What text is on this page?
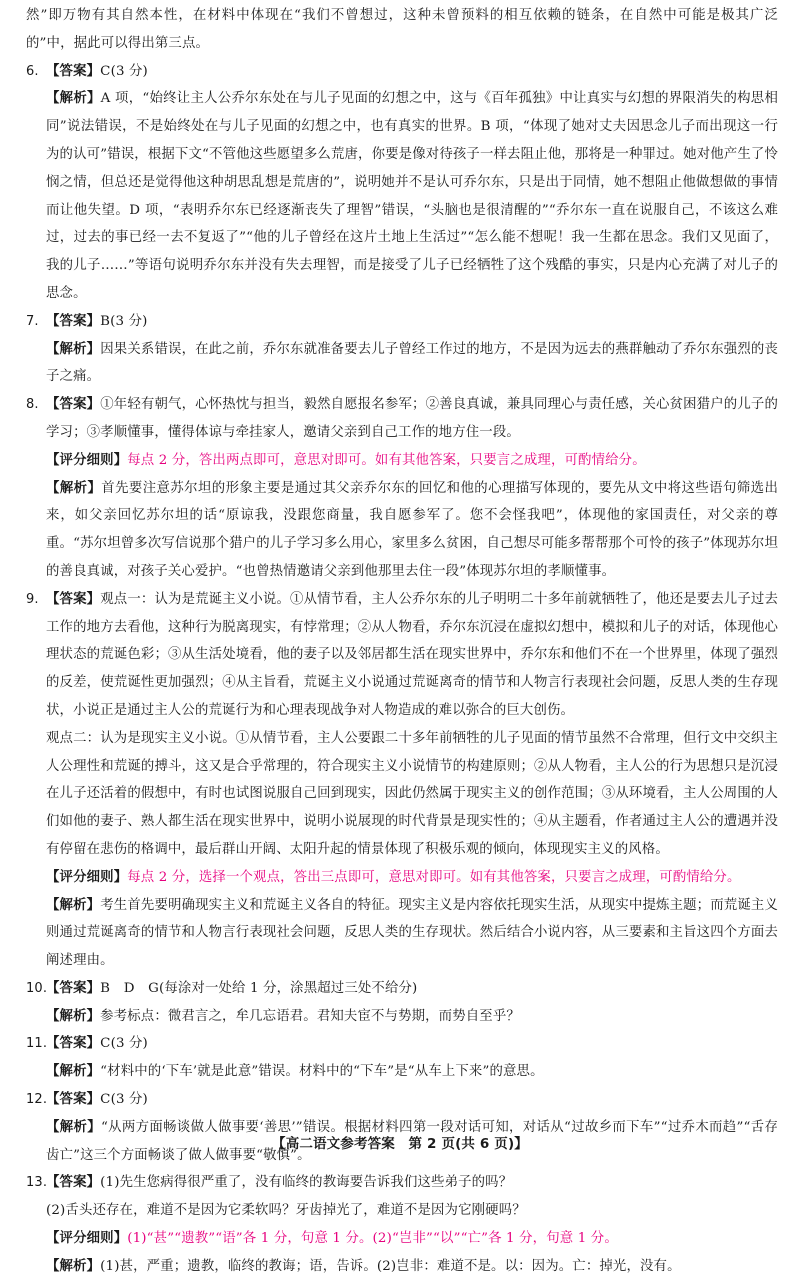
然”即万物有其自然本性，在材料中体现在“我们不曾想过，这种未曾预料的相互依赖的链条，在自然中可能是极其广泛的”中，据此可以得出第三点。
6. 【答案】C(3 分)
【解析】A 项，“始终让主人公乔尔东处在与儿子见面的幻想之中，这与《百年孤独》中让真实与幻想的界限消失的构思相同”说法错误，不是始终处在与儿子见面的幻想之中，也有真实的世界。B 项，“体现了她对丈夫因思念儿子而出现这一行为的认可”错误，根据下文“不管他这些愿望多么荒唐，你要是像对待孩子一样去阻止他，那将是一种罪过。她对他产生了怜悯之情，但总还是觉得他这种胡思乱想是荒唐的”，说明她并不是认可乔尔东，只是出于同情，她不想阻止他做想做的事情而让他失望。D 项，“表明乔尔东已经逐渐丧失了理智”错误，“头脑也是很清醒的”“乔尔东一直在说服自己，不该这么难过，过去的事已经一去不复返了”“他的儿子曾经在这片土地上生活过”“怎么能不想呢！我一生都在思念。我们又见面了，我的儿子……”等语句说明乔尔东并没有失去理智，而是接受了儿子已经牺牲了这个残酷的事实，只是内心充满了对儿子的思念。
7. 【答案】B(3 分)
【解析】因果关系错误，在此之前，乔尔东就准备要去儿子曾经工作过的地方，不是因为远去的燕群触动了乔尔东强烈的丧子之痛。
8. 【答案】①年轻有朝气，心怀热忱与担当，毅然自愿报名参军；②善良真诚，兼具同理心与责任感，关心贫困猎户的儿子的学习；③孝顺懂事，懂得体谅与牵挂家人，邀请父亲到自己工作的地方住一段。
【评分细则】每点 2 分，答出两点即可，意思对即可。如有其他答案，只要言之成理，可酌情给分。
【解析】首先要注意苏尔坦的形象主要是通过其父亲乔尔东的回忆和他的心理描写体现的，要先从文中将这些语句筛选出来，如父亲回忆苏尔坦的话“原谅我，没跟您商量，我自愿参军了。您不会怪我吧”，体现他的家国责任，对父亲的尊重。“苏尔坦曾多次写信说那个猎户的儿子学习多么用心，家里多么贫困，自己想尽可能多帮帮那个可怜的孩子”体现苏尔坦的善良真诚，对孩子关心爱护。“也曾热情邀请父亲到他那里去住一段”体现苏尔坦的孝顺懂事。
9. 【答案】观点一：认为是荒诞主义小说。①从情节看，主人公乔尔东的儿子明明二十多年前就牺牲了，他还是要去儿子过去工作的地方去看他，这种行为脱离现实，有悖常理；②从人物看，乔尔东沉浸在虚拟幻想中，模拟和儿子的对话，体现他心理状态的荒诞色彩；③从生活处境看，他的妻子以及邻居都生活在现实世界中，乔尔东和他们不在一个世界里，体现了强烈的反差，使荒诞性更加强烈；④从主旨看，荒诞主义小说通过荒诞离奇的情节和人物言行表现社会问题，反思人类的生存现状，小说正是通过主人公的荒诞行为和心理表现战争对人物造成的难以弥合的巨大创伤。
观点二：认为是现实主义小说。①从情节看，主人公要跟二十多年前牺牲的儿子见面的情节虽然不合常理，但行文中交织主人公理性和荒诞的搏斗，这又是合乎常理的，符合现实主义小说情节的构建原则；②从人物看，主人公的行为思想只是沉浸在儿子还活着的假想中，有时也试图说服自己回到现实，因此仍然属于现实主义的创作范围；③从环境看，主人公周围的人们如他的妻子、熟人都生活在现实世界中，说明小说展现的时代背景是现实性的；④从主题看，作者通过主人公的遭遇并没有停留在悲伤的格调中，最后群山开阔、太阳升起的情景体现了积极乐观的倾向，体现现实主义的风格。
【评分细则】每点 2 分，选择一个观点，答出三点即可，意思对即可。如有其他答案，只要言之成理，可酌情给分。
【解析】考生首先要明确现实主义和荒诞主义各自的特征。现实主义是内容依托现实生活，从现实中提炼主题；而荒诞主义则通过荒诞离奇的情节和人物言行表现社会问题，反思人类的生存现状。然后结合小说内容，从三要素和主旨这四个方面去阐述理由。
10.
【答案】B　D　G(每涂对一处给 1 分，涂黑超过三处不给分)
【解析】参考标点：微君言之，牟几忘语君。君知夫宦不与势期，而势自至乎？
11.
【答案】C(3 分)
【解析】“材料中的‘下车’就是此意”错误。材料中的“下车”是“从车上下来”的意思。
12.
【答案】C(3 分)
【解析】“从两方面畅谈做人做事要‘善思’”错误。根据材料四第一段对话可知，对话从“过故乡而下车”“过乔木而趋”“舌存齿亡”这三个方面畅谈了做人做事要“敬慎”。
13.
【答案】(1)先生您病得很严重了，没有临终的教诲要告诉我们这些弟子的吗？
(2)舌头还存在，难道不是因为它柔软吗？牙齿掉光了，难道不是因为它刚硬吗？
【评分细则】(1)“甚”“遗教”“语”各 1 分，句意 1 分。(2)“岂非”“以”“亡”各 1 分，句意 1 分。
【解析】(1)甚，严重；遗教，临终的教诲；语，告诉。(2)岂非：难道不是。以：因为。亡：掉光，没有。
【高二语文参考答案　第 2 页(共 6 页)】
